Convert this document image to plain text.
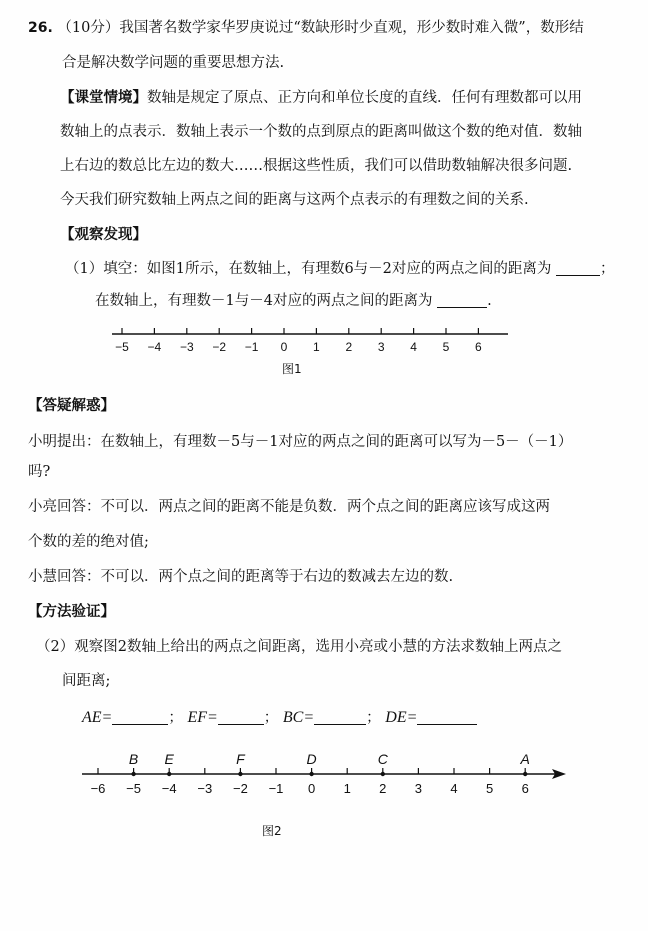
26. （10分）我国著名数学家华罗庚说过“数缺形时少直观，形少数时难入微”，数形结
合是解决数学问题的重要思想方法.
【课堂情境】数轴是规定了原点、正方向和单位长度的直线．任何有理数都可以用
数轴上的点表示．数轴上表示一个数的点到原点的距离叫做这个数的绝对值．数轴
上右边的数总比左边的数大……根据这些性质，我们可以借助数轴解决很多问题.
今天我们研究数轴上两点之间的距离与这两个点表示的有理数之间的关系.
【观察发现】
（1）填空：如图1所示，在数轴上，有理数6与－2对应的两点之间的距离为	；
在数轴上，有理数－1与－4对应的两点之间的距离为	.
−5 −4 −3 −2 −1 0 1 2 3 4 5 6
图1
【答疑解惑】
小明提出：在数轴上，有理数－5与－1对应的两点之间的距离可以写为－5－（－1）
吗?
小亮回答：不可以．两点之间的距离不能是负数．两个点之间的距离应该写成这两
个数的差的绝对值;
小慧回答：不可以．两个点之间的距离等于右边的数减去左边的数.
【方法验证】
（2）观察图2数轴上给出的两点之间距离，选用小亮或小慧的方法求数轴上两点之
间距离;
AE=	； EF=	； BC=	； DE=
−6 −5 −4 −3 −2 −1 0 1 2 3 4 5 6
B E	F	D	C	A
图2
